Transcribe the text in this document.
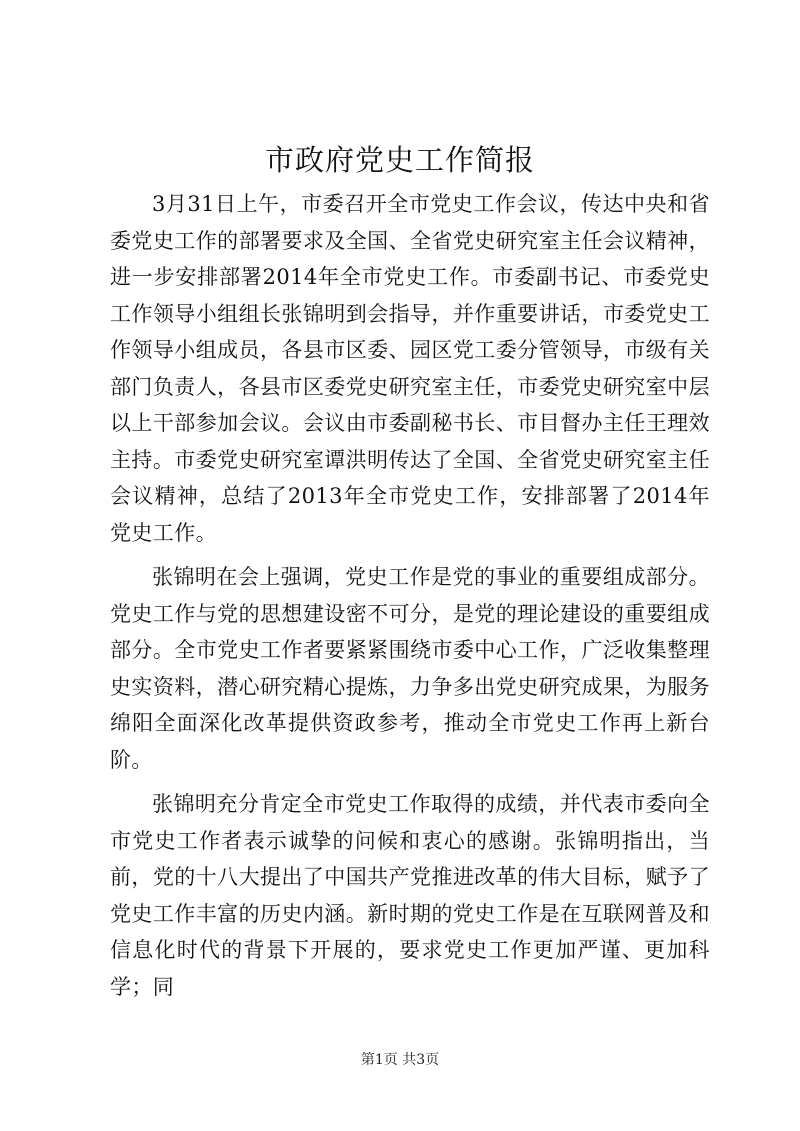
市政府党史工作简报

3月31日上午，市委召开全市党史工作会议，传达中央和省委党史工作的部署要求及全国、全省党史研究室主任会议精神，进一步安排部署2014年全市党史工作。市委副书记、市委党史工作领导小组组长张锦明到会指导，并作重要讲话，市委党史工作领导小组成员，各县市区委、园区党工委分管领导，市级有关部门负责人，各县市区委党史研究室主任，市委党史研究室中层以上干部参加会议。会议由市委副秘书长、市目督办主任王理效主持。市委党史研究室谭洪明传达了全国、全省党史研究室主任会议精神，总结了2013年全市党史工作，安排部署了2014年党史工作。

张锦明在会上强调，党史工作是党的事业的重要组成部分。党史工作与党的思想建设密不可分，是党的理论建设的重要组成部分。全市党史工作者要紧紧围绕市委中心工作，广泛收集整理史实资料，潜心研究精心提炼，力争多出党史研究成果，为服务绵阳全面深化改革提供资政参考，推动全市党史工作再上新台阶。

张锦明充分肯定全市党史工作取得的成绩，并代表市委向全市党史工作者表示诚挚的问候和衷心的感谢。张锦明指出，当前，党的十八大提出了中国共产党推进改革的伟大目标，赋予了党史工作丰富的历史内涵。新时期的党史工作是在互联网普及和信息化时代的背景下开展的，要求党史工作更加严谨、更加科学；同

第1页 共3页
